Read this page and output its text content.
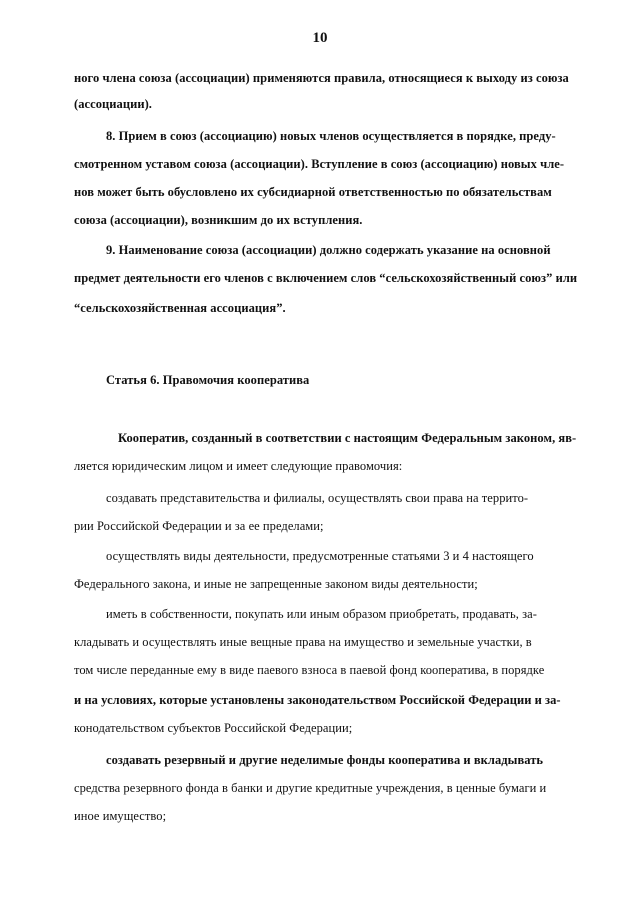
10
ного члена союза (ассоциации) применяются правила, относящиеся к выходу из союза
(ассоциации).
8. Прием в союз (ассоциацию) новых членов осуществляется в порядке, преду-
смотренном уставом союза (ассоциации). Вступление в союз (ассоциацию) новых чле-
нов может быть обусловлено их субсидиарной ответственностью по обязательствам
союза (ассоциации), возникшим до их вступления.
9. Наименование союза (ассоциации) должно содержать указание на основной
предмет деятельности его членов с включением слов “сельскохозяйственный союз” или
“сельскохозяйственная ассоциация”.
Статья 6. Правомочия кооператива
Кооператив, созданный в соответствии с настоящим Федеральным законом, яв-
ляется юридическим лицом и имеет следующие правомочия:
создавать представительства и филиалы, осуществлять свои права на террито-
рии Российской Федерации и за ее пределами;
осуществлять виды деятельности, предусмотренные статьями 3 и 4 настоящего
Федерального закона, и иные не запрещенные законом виды деятельности;
иметь в собственности, покупать или иным образом приобретать, продавать, за-
кладывать и осуществлять иные вещные права на имущество и земельные участки, в
том числе переданные ему в виде паевого взноса в паевой фонд кооператива, в порядке
и на условиях, которые установлены законодательством Российской Федерации и за-
конодательством субъектов Российской Федерации;
создавать резервный и другие неделимые фонды кооператива и вкладывать
средства резервного фонда в банки и другие кредитные учреждения, в ценные бумаги и
иное имущество;
